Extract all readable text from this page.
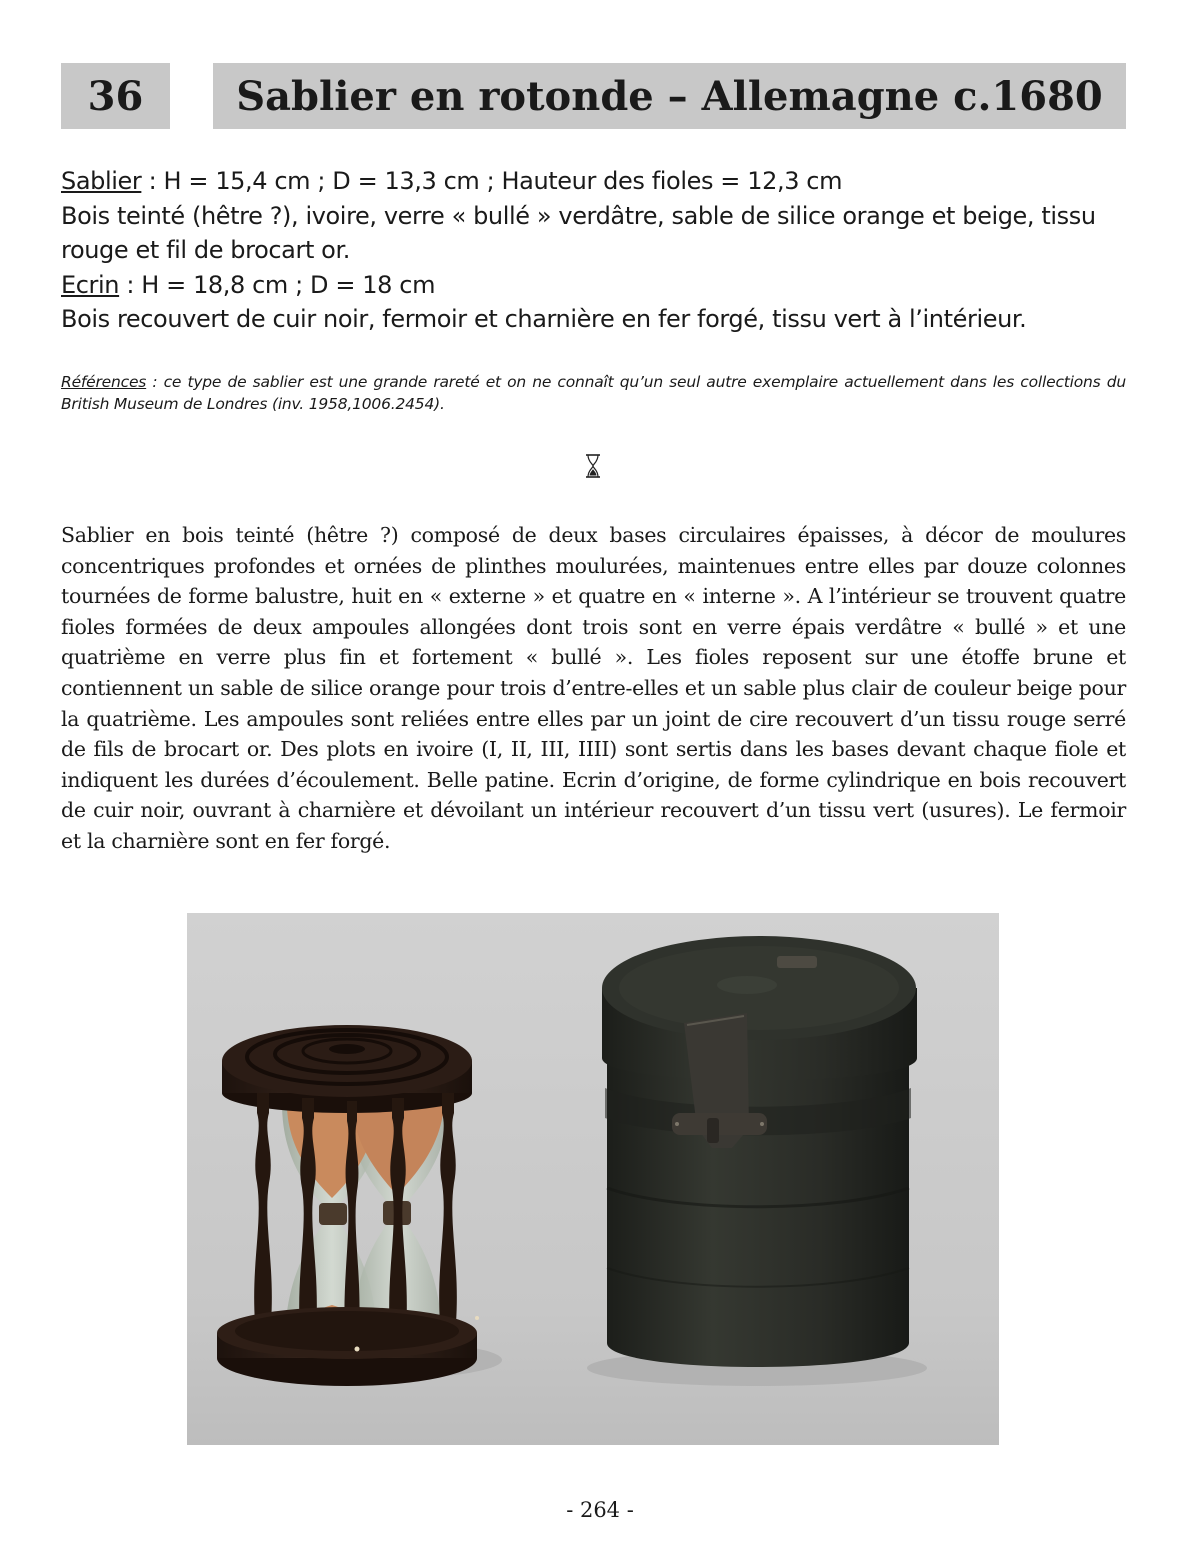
36 Sablier en rotonde – Allemagne c.1680

Sablier : H = 15,4 cm ; D = 13,3 cm ; Hauteur des fioles = 12,3 cm

Bois teinté (hêtre ?), ivoire, verre « bullé » verdâtre, sable de silice orange et beige, tissu rouge et fil de brocart or.

Ecrin : H = 18,8 cm ; D = 18 cm

Bois recouvert de cuir noir, fermoir et charnière en fer forgé, tissu vert à l’intérieur.

Références : ce type de sablier est une grande rareté et on ne connaît qu’un seul autre exemplaire actuellement dans les collections du British Museum de Londres (inv. 1958,1006.2454).
Sablier en bois teinté (hêtre ?) composé de deux bases circulaires épaisses, à décor de moulures concentriques profondes et ornées de plinthes moulurées, maintenues entre elles par douze colonnes tournées de forme balustre, huit en « externe » et quatre en « interne ». A l’intérieur se trouvent quatre fioles formées de deux ampoules allongées dont trois sont en verre épais verdâtre « bullé » et une quatrième en verre plus fin et fortement « bullé ». Les fioles reposent sur une étoffe brune et contiennent un sable de silice orange pour trois d’entre-elles et un sable plus clair de couleur beige pour la quatrième. Les ampoules sont reliées entre elles par un joint de cire recouvert d’un tissu rouge serré de fils de brocart or. Des plots en ivoire (I, II, III, IIII) sont sertis dans les bases devant chaque fiole et indiquent les durées d’écoulement. Belle patine. Ecrin d’origine, de forme cylindrique en bois recouvert de cuir noir, ouvrant à charnière et dévoilant un intérieur recouvert d’un tissu vert (usures). Le fermoir et la charnière sont en fer forgé.
- 264 -
